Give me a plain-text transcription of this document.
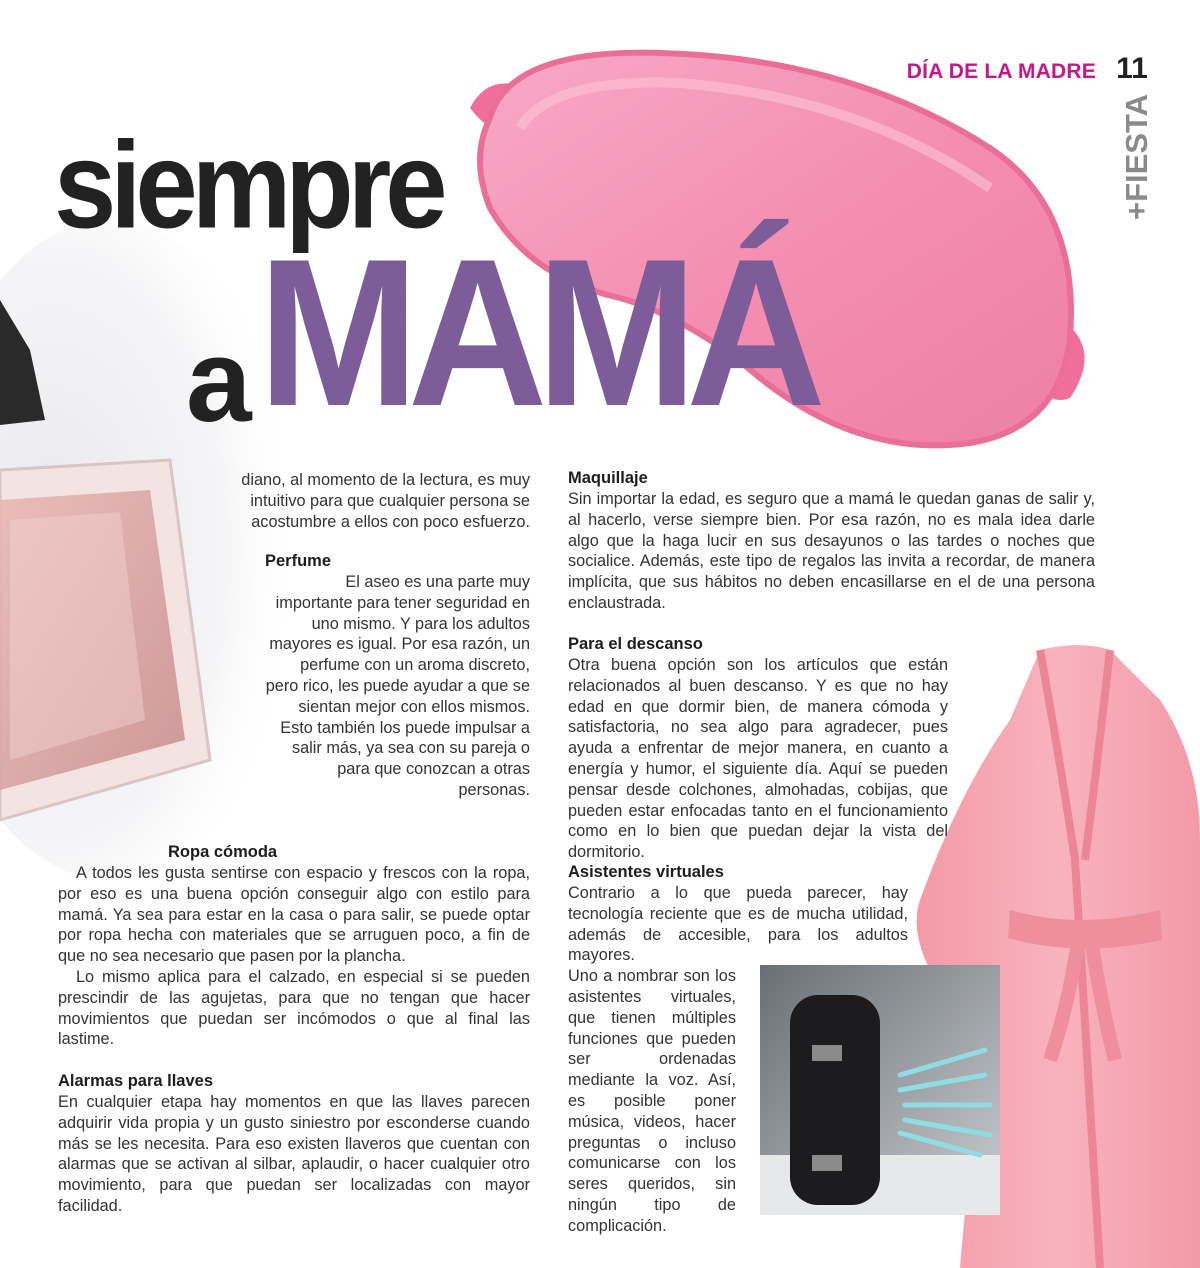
DÍA DE LA MADRE 11
+FIESTA
siempre
MAMÁ
a

diano, al momento de la lectura, es muy intuitivo para que cualquier persona se acostumbre a ellos con poco esfuerzo.

Perfume

El aseo es una parte muy importante para tener seguridad en uno mismo. Y para los adultos mayores es igual. Por esa razón, un perfume con un aroma discreto, pero rico, les puede ayudar a que se sientan mejor con ellos mismos. Esto también los puede impulsar a salir más, ya sea con su pareja o para que conozcan a otras personas.

Ropa cómoda

A todos les gusta sentirse con espacio y frescos con la ropa, por eso es una buena opción conseguir algo con estilo para mamá. Ya sea para estar en la casa o para salir, se puede optar por ropa hecha con materiales que se arruguen poco, a fin de que no sea necesario que pasen por la plancha.

Lo mismo aplica para el calzado, en especial si se pueden prescindir de las agujetas, para que no tengan que hacer movimientos que puedan ser incómodos o que al final las lastime.

Alarmas para llaves

En cualquier etapa hay momentos en que las llaves parecen adquirir vida propia y un gusto siniestro por esconderse cuando más se les necesita. Para eso existen llaveros que cuentan con alarmas que se activan al silbar, aplaudir, o hacer cualquier otro movimiento, para que puedan ser localizadas con mayor facilidad.

Maquillaje

Sin importar la edad, es seguro que a mamá le quedan ganas de salir y, al hacerlo, verse siempre bien. Por esa razón, no es mala idea darle algo que la haga lucir en sus desayunos o las tardes o noches que socialice. Además, este tipo de regalos las invita a recordar, de manera implícita, que sus hábitos no deben encasillarse en el de una persona enclaustrada.

Para el descanso

Otra buena opción son los artículos que están relacionados al buen descanso. Y es que no hay edad en que dormir bien, de manera cómoda y satisfactoria, no sea algo para agradecer, pues ayuda a enfrentar de mejor manera, en cuanto a energía y humor, el siguiente día. Aquí se pueden pensar desde colchones, almohadas, cobijas, que pueden estar enfocadas tanto en el funcionamiento como en lo bien que puedan dejar la vista del dormitorio.

Asistentes virtuales

Contrario a lo que pueda parecer, hay tecnología reciente que es de mucha utilidad, además de accesible, para los adultos mayores.

Uno a nombrar son los asistentes virtuales, que tienen múltiples funciones que pueden ser ordenadas mediante la voz. Así, es posible poner música, videos, hacer preguntas o incluso comunicarse con los seres queridos, sin ningún tipo de complicación.
